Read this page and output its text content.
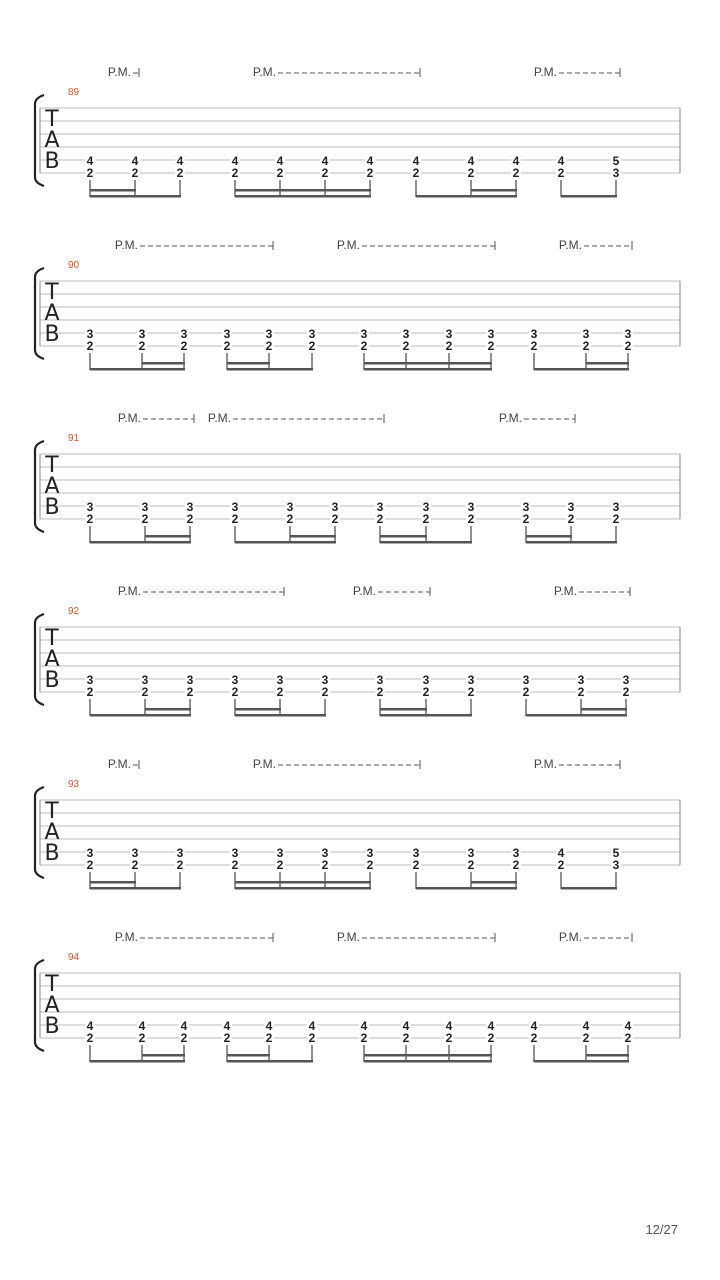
89
T
A
B 4
2
4
2
4
2
4
2
4
2
4
2
4
2
4
2
4
2
4
2
4
2
5
3
P.M.	P.M.	P.M.
90
T
A
B 3
2
3
2
3
2
3
2
3
2
3
2
3
2
3
2
3
2
3
2
3
2
3
2
3
2
P.M.	P.M.	P.M.
91
T
A
B 3
2
3
2
3
2
3
2
3
2
3
2
3
2
3
2
3
2
3
2
3
2
3
2
P.M.	P.M.	P.M.
92
T
A
B 3
2
3
2
3
2
3
2
3
2
3
2
3
2
3
2
3
2
3
2
3
2
3
2
P.M.	P.M.	P.M.
93
T
A
B 3
2
3
2
3
2
3
2
3
2
3
2
3
2
3
2
3
2
3
2
4
2
5
3
P.M.	P.M.	P.M.
94
T
A
B 4
2
4
2
4
2
4
2
4
2
4
2
4
2
4
2
4
2
4
2
4
2
4
2
4
2
P.M.	P.M.	P.M.
12/27
